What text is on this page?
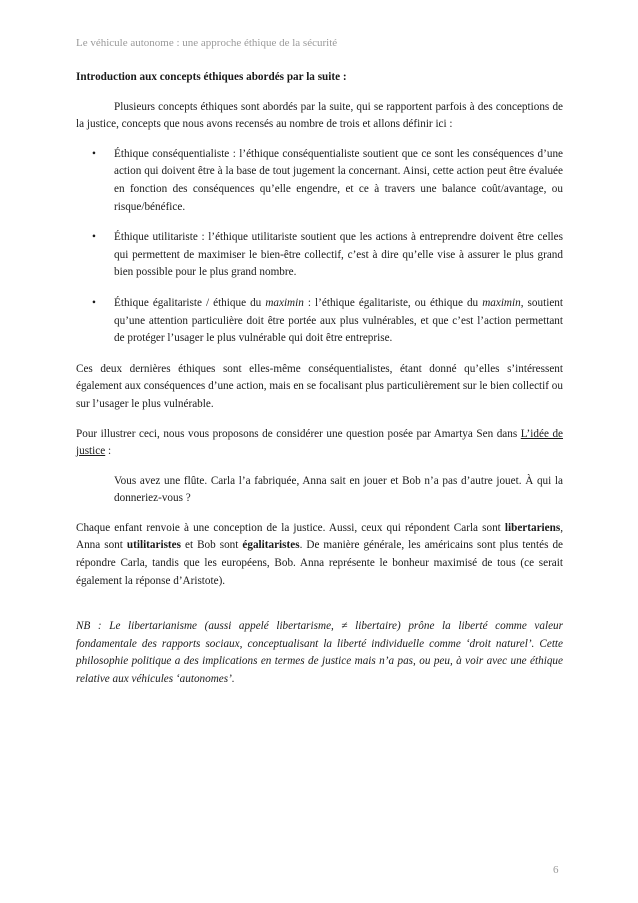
Le véhicule autonome : une approche éthique de la sécurité

Introduction aux concepts éthiques abordés par la suite :

Plusieurs concepts éthiques sont abordés par la suite, qui se rapportent parfois à des conceptions de la justice, concepts que nous avons recensés au nombre de trois et allons définir ici :

• Éthique conséquentialiste : l’éthique conséquentialiste soutient que ce sont les conséquences d’une action qui doivent être à la base de tout jugement la concernant. Ainsi, cette action peut être évaluée en fonction des conséquences qu’elle engendre, et ce à travers une balance coût/avantage, ou risque/bénéfice.
• Éthique utilitariste : l’éthique utilitariste soutient que les actions à entreprendre doivent être celles qui permettent de maximiser le bien-être collectif, c’est à dire qu’elle vise à assurer le plus grand bien possible pour le plus grand nombre.
• Éthique égalitariste / éthique du maximin : l’éthique égalitariste, ou éthique du maximin, soutient qu’une attention particulière doit être portée aux plus vulnérables, et que c’est l’action permettant de protéger l’usager le plus vulnérable qui doit être entreprise.

Ces deux dernières éthiques sont elles-même conséquentialistes, étant donné qu’elles s’intéressent également aux conséquences d’une action, mais en se focalisant plus particulièrement sur le bien collectif ou sur l’usager le plus vulnérable.

Pour illustrer ceci, nous vous proposons de considérer une question posée par Amartya Sen dans L’idée de justice :

Vous avez une flûte. Carla l’a fabriquée, Anna sait en jouer et Bob n’a pas d’autre jouet. À qui la donneriez-vous ?

Chaque enfant renvoie à une conception de la justice. Aussi, ceux qui répondent Carla sont libertariens, Anna sont utilitaristes et Bob sont égalitaristes. De manière générale, les américains sont plus tentés de répondre Carla, tandis que les européens, Bob. Anna représente le bonheur maximisé de tous (ce serait également la réponse d’Aristote).

NB : Le libertarianisme (aussi appelé libertarisme, ≠ libertaire) prône la liberté comme valeur fondamentale des rapports sociaux, conceptualisant la liberté individuelle comme ‘droit naturel’. Cette philosophie politique a des implications en termes de justice mais n’a pas, ou peu, à voir avec une éthique relative aux véhicules ‘autonomes’.

6
